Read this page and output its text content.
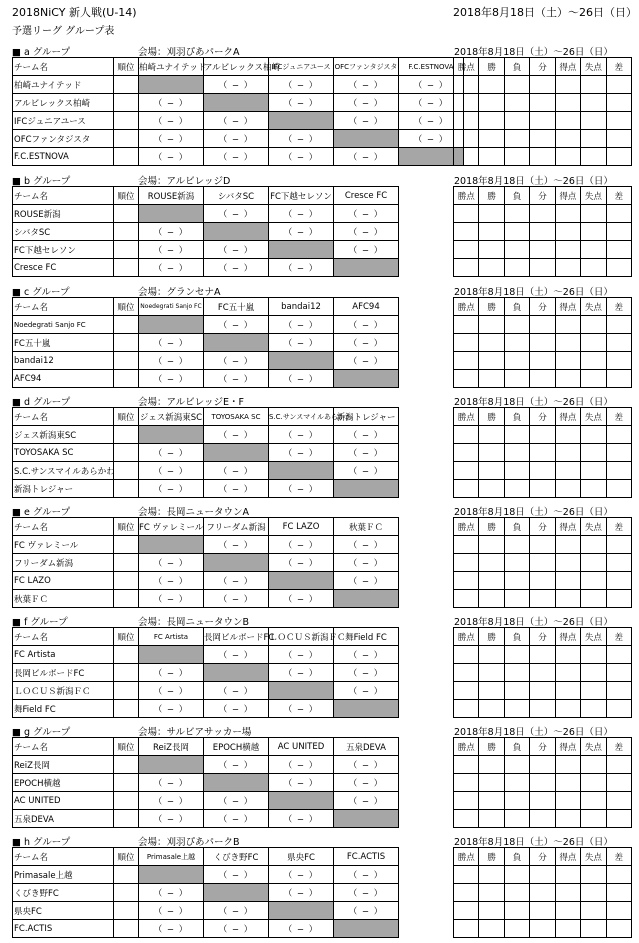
2018NiCY 新人戦(U-14)	2018年8月18日（土）～26日（日）
予選リーグ グループ表
■ a グループ	会場：刈羽ぴあパークA	2018年8月18日（土）～26日（日）
チーム名	順位	柏崎ユナイテッド	アルビレックス柏崎	IFCジュニアユース	OFCファンタジスタ	F.C.ESTNOVA
柏崎ユナイテッド			（ − ）	（ − ）	（ − ）	（ − ）
アルビレックス柏崎		（ − ）		（ − ）	（ − ）	（ − ）
IFCジュニアユース		（ − ）	（ − ）		（ − ）	（ − ）
OFCファンタジスタ		（ − ）	（ − ）	（ − ）		（ − ）
F.C.ESTNOVA		（ − ）	（ − ）	（ − ）	（ − ）	
勝点	勝	負	分	得点	失点	差

■ b グループ	会場：アルビレッジD	2018年8月18日（土）～26日（日）
チーム名	順位	ROUSE新潟	シバタSC	FC下越セレソン	Cresce FC
ROUSE新潟			（ − ）	（ − ）	（ − ）
シバタSC		（ − ）		（ − ）	（ − ）
FC下越セレソン		（ − ）	（ − ）		（ − ）
Cresce FC		（ − ）	（ − ）	（ − ）	
勝点	勝	負	分	得点	失点	差

■ c グループ	会場：グランセナA	2018年8月18日（土）～26日（日）
チーム名	順位	Noedegrati Sanjo FC	FC五十嵐	bandai12	AFC94
Noedegrati Sanjo FC			（ − ）	（ − ）	（ − ）
FC五十嵐		（ − ）		（ − ）	（ − ）
bandai12		（ − ）	（ − ）		（ − ）
AFC94		（ − ）	（ − ）	（ − ）	
勝点	勝	負	分	得点	失点	差

■ d グループ	会場：アルビレッジE・F	2018年8月18日（土）～26日（日）
チーム名	順位	ジェス新潟東SC	TOYOSAKA SC	S.C.サンスマイルあらかわ	新潟トレジャー
ジェス新潟東SC			（ − ）	（ − ）	（ − ）
TOYOSAKA SC		（ − ）		（ − ）	（ − ）
S.C.サンスマイルあらかわ		（ − ）	（ − ）		（ − ）
新潟トレジャー		（ − ）	（ − ）	（ − ）	
勝点	勝	負	分	得点	失点	差

■ e グループ	会場：長岡ニュータウンA	2018年8月18日（土）～26日（日）
チーム名	順位	FC ヴァレミール	フリーダム新潟	FC LAZO	秋葉ＦＣ
FC ヴァレミール			（ − ）	（ − ）	（ − ）
フリーダム新潟		（ − ）		（ − ）	（ − ）
FC LAZO		（ − ）	（ − ）		（ − ）
秋葉ＦＣ		（ − ）	（ − ）	（ − ）	
勝点	勝	負	分	得点	失点	差

■ f グループ	会場：長岡ニュータウンB	2018年8月18日（土）～26日（日）
チーム名	順位	FC Artista	長岡ビルボードFC	ＬＯＣＵＳ新潟ＦＣ	舞Field FC
FC Artista			（ − ）	（ − ）	（ − ）
長岡ビルボードFC		（ − ）		（ − ）	（ − ）
ＬＯＣＵＳ新潟ＦＣ		（ − ）	（ − ）		（ − ）
舞Field FC		（ − ）	（ − ）	（ − ）	
勝点	勝	負	分	得点	失点	差

■ g グループ	会場：サルビアサッカー場	2018年8月18日（土）～26日（日）
チーム名	順位	ReiZ長岡	EPOCH横越	AC UNITED	五泉DEVA
ReiZ長岡			（ − ）	（ − ）	（ − ）
EPOCH横越		（ − ）		（ − ）	（ − ）
AC UNITED		（ − ）	（ − ）		（ − ）
五泉DEVA		（ − ）	（ − ）	（ − ）	
勝点	勝	負	分	得点	失点	差

■ h グループ	会場：刈羽ぴあパークB	2018年8月18日（土）～26日（日）
チーム名	順位	Primasale上越	くびき野FC	県央FC	FC.ACTIS
Primasale上越			（ − ）	（ − ）	（ − ）
くびき野FC		（ − ）		（ − ）	（ − ）
県央FC		（ − ）	（ − ）		（ − ）
FC.ACTIS		（ − ）	（ − ）	（ − ）	
勝点	勝	負	分	得点	失点	差
